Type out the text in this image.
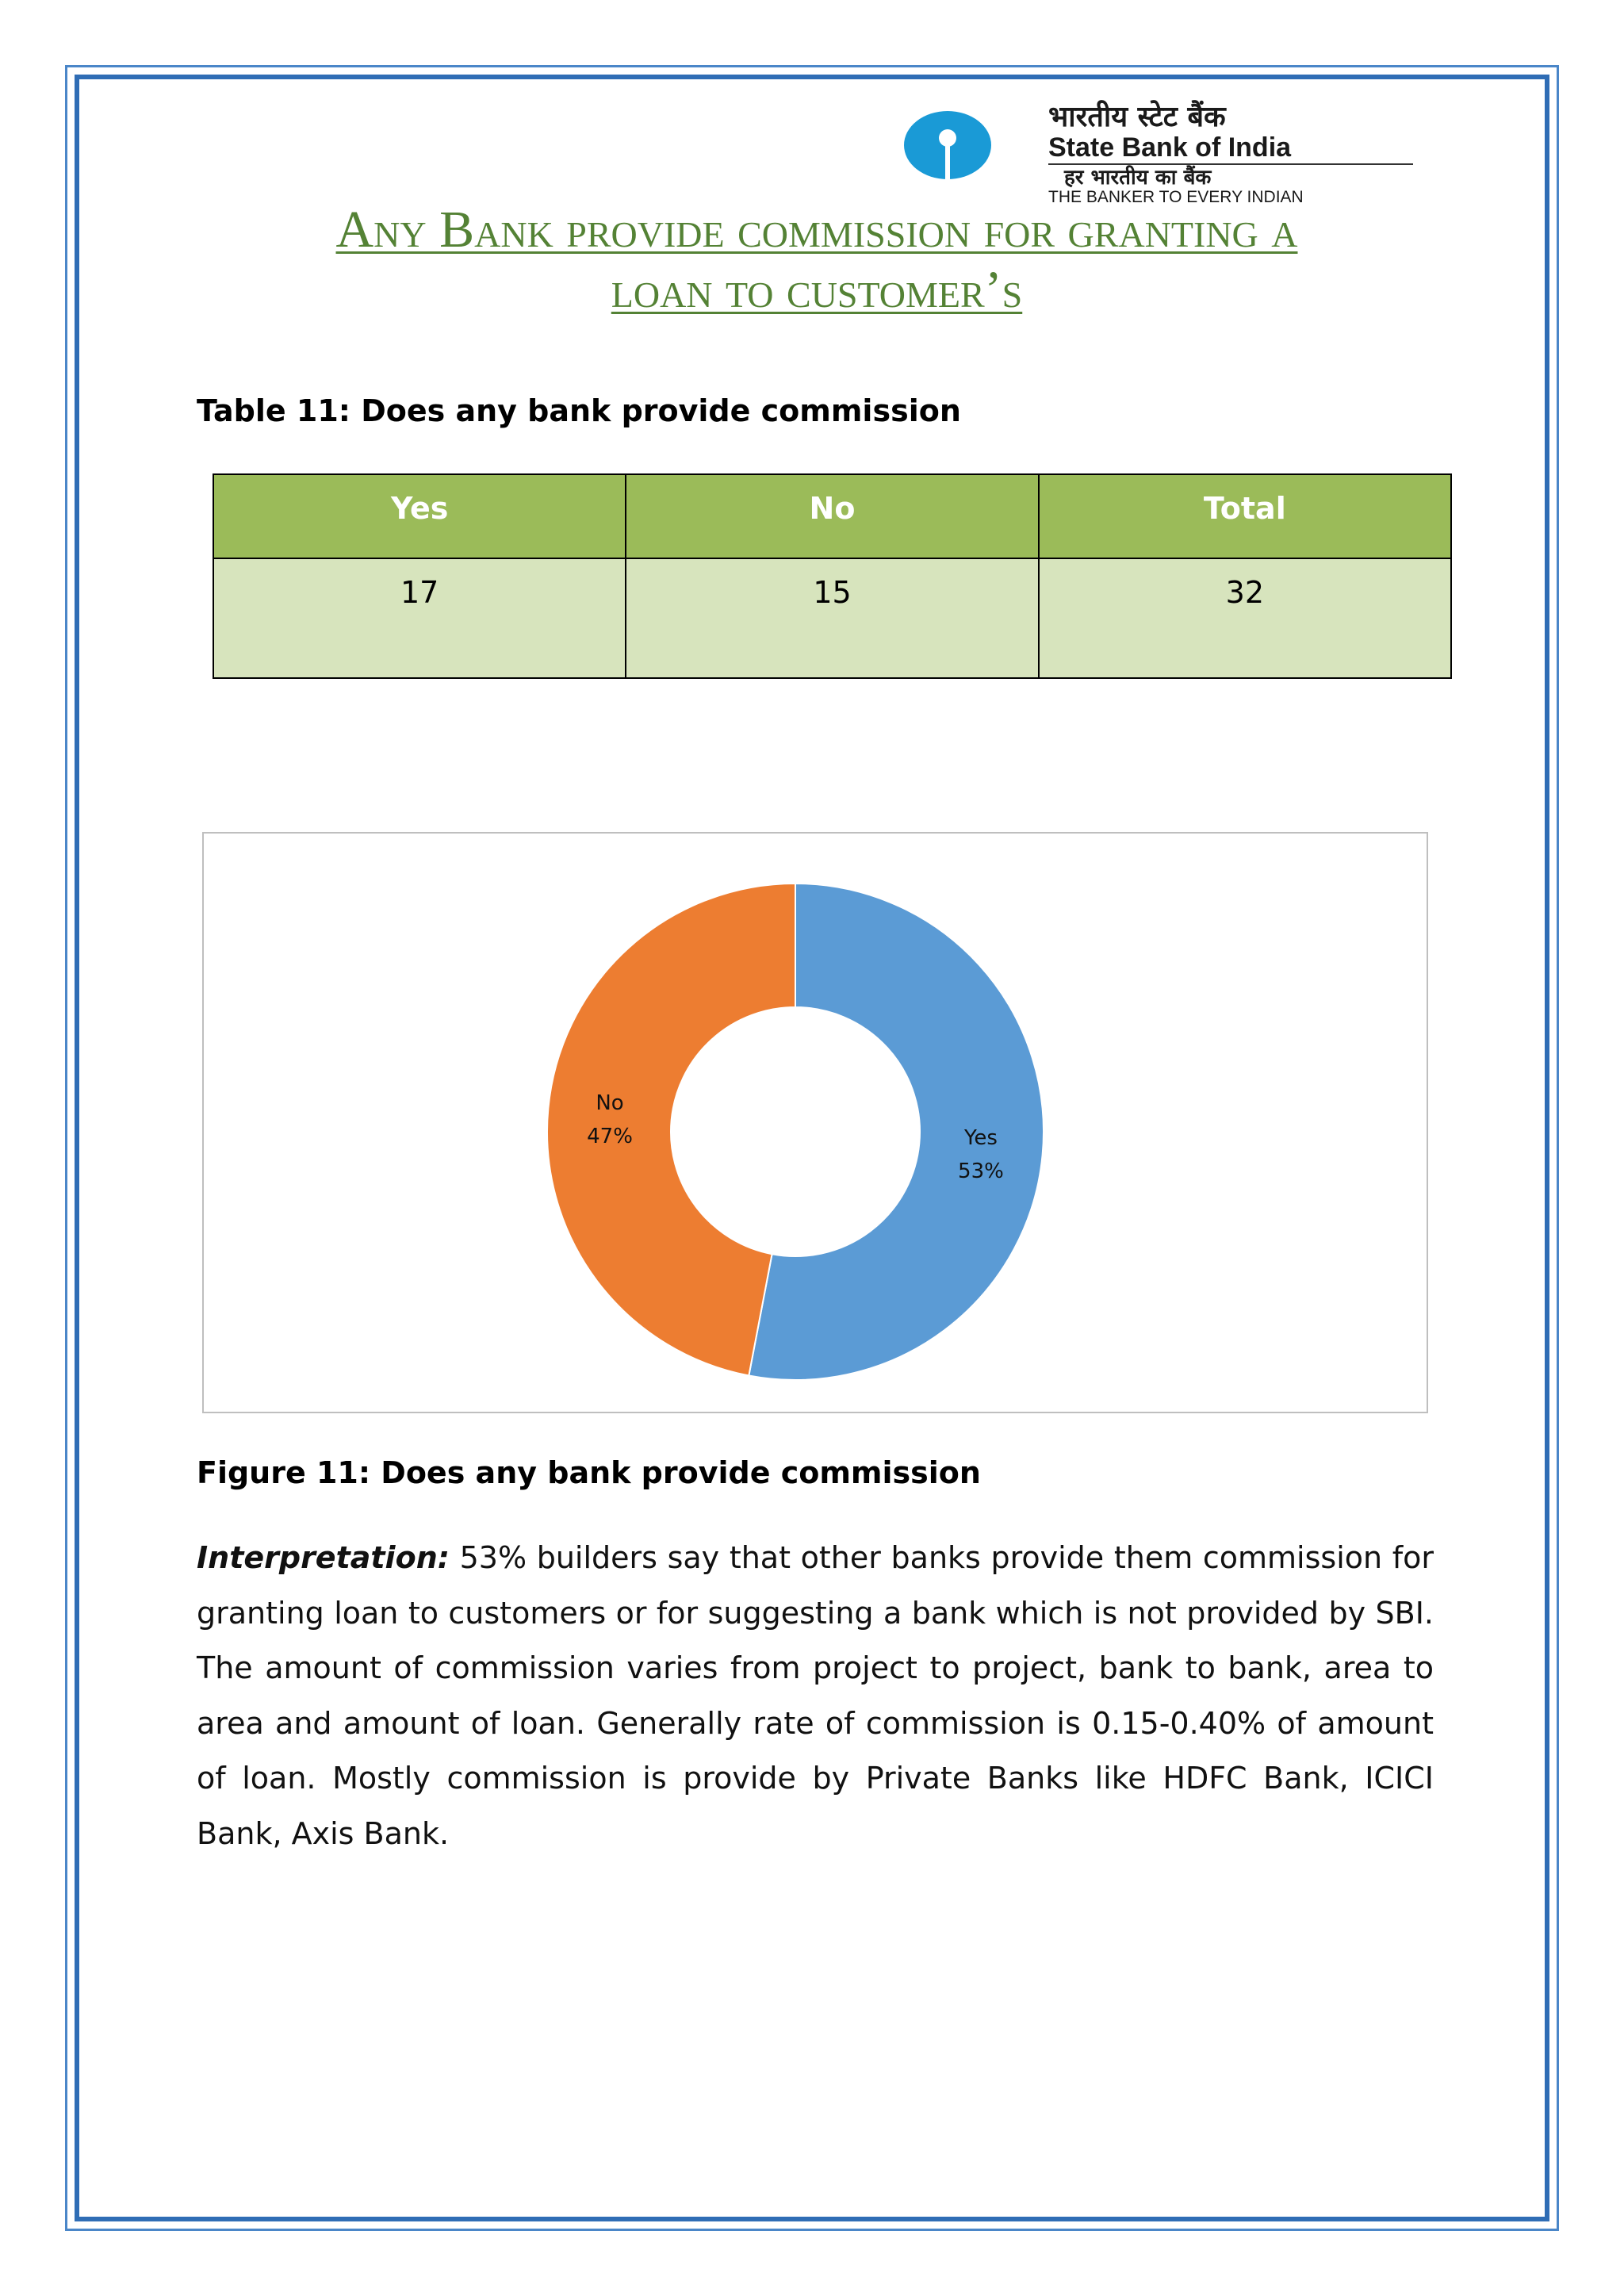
भारतीय स्टेट बैंक
State Bank of India
हर भारतीय का बैंक
THE BANKER TO EVERY INDIAN
Any Bank provide commission for granting a
loan to customer’s
Table 11: Does any bank provide commission
Yes	No	Total
17	15	32
Yes
53%
No
47%
Figure 11: Does any bank provide commission
Interpretation: 53% builders say that other banks provide them commission for granting loan to customers or for suggesting a bank which is not provided by SBI. The amount of commission varies from project to project, bank to bank, area to area and amount of loan. Generally rate of commission is 0.15-0.40% of amount of loan. Mostly commission is provide by Private Banks like HDFC Bank, ICICI Bank, Axis Bank.
